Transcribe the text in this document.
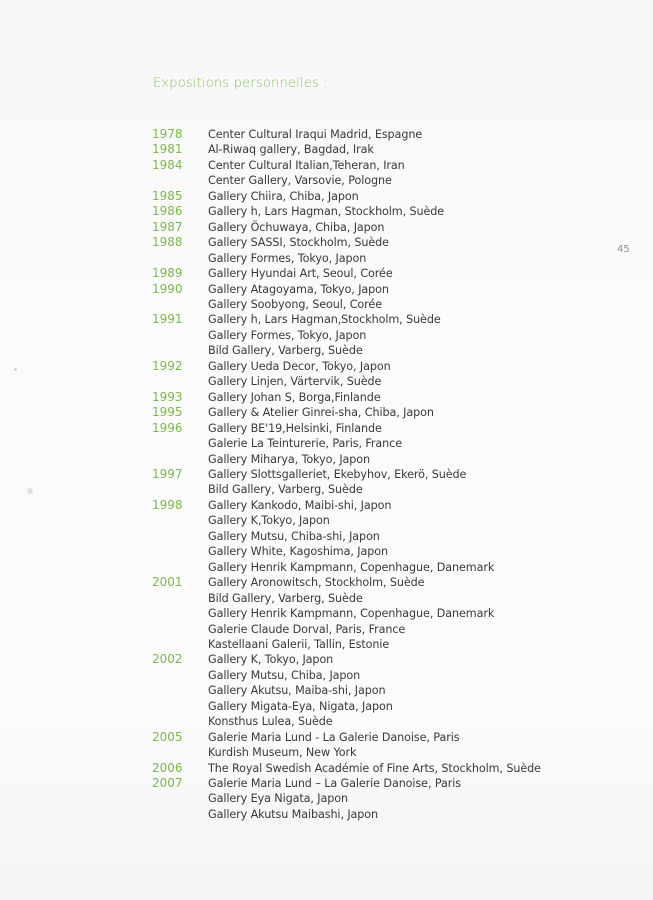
Expositions personnelles :
45
1978	Center Cultural Iraqui Madrid, Espagne
1981	Al-Riwaq gallery, Bagdad, Irak
1984	Center Cultural Italian,Teheran, Iran
Center Gallery, Varsovie, Pologne
1985	Gallery Chiira, Chiba, Japon
1986	Gallery h, Lars Hagman, Stockholm, Suède
1987	Gallery Öchuwaya, Chiba, Japon
1988	Gallery SASSI, Stockholm, Suède
Gallery Formes, Tokyo, Japon
1989	Gallery Hyundai Art, Seoul, Corée
1990	Gallery Atagoyama, Tokyo, Japon
Gallery Soobyong, Seoul, Corée
1991	Gallery h, Lars Hagman,Stockholm, Suède
Gallery Formes, Tokyo, Japon
Bild Gallery, Varberg, Suède
1992	Gallery Ueda Decor, Tokyo, Japon
Gallery Linjen, Värtervik, Suède
1993	Gallery Johan S, Borga,Finlande
1995	Gallery & Atelier Ginrei-sha, Chiba, Japon
1996	Gallery BE'19,Helsinki, Finlande
Galerie La Teinturerie, Paris, France
Gallery Miharya, Tokyo, Japon
1997	Gallery Slottsgalleriet, Ekebyhov, Ekerö, Suède
Bild Gallery, Varberg, Suède
1998	Gallery Kankodo, Maibi-shi, Japon
Gallery K,Tokyo, Japon
Gallery Mutsu, Chiba-shi, Japon
Gallery White, Kagoshima, Japon
Gallery Henrik Kampmann, Copenhague, Danemark
2001	Gallery Aronowitsch, Stockholm, Suède
Bild Gallery, Varberg, Suède
Gallery Henrik Kampmann, Copenhague, Danemark
Galerie Claude Dorval, Paris, France
Kastellaani Galerii, Tallin, Estonie
2002	Gallery K, Tokyo, Japon
Gallery Mutsu, Chiba, Japon
Gallery Akutsu, Maiba-shi, Japon
Gallery Migata-Eya, Nigata, Japon
Konsthus Lulea, Suède
2005	Galerie Maria Lund - La Galerie Danoise, Paris
Kurdish Museum, New York
2006	The Royal Swedish Académie of Fine Arts, Stockholm, Suède
2007	Galerie Maria Lund – La Galerie Danoise, Paris
Gallery Eya Nigata, Japon
Gallery Akutsu Maibashi, Japon
